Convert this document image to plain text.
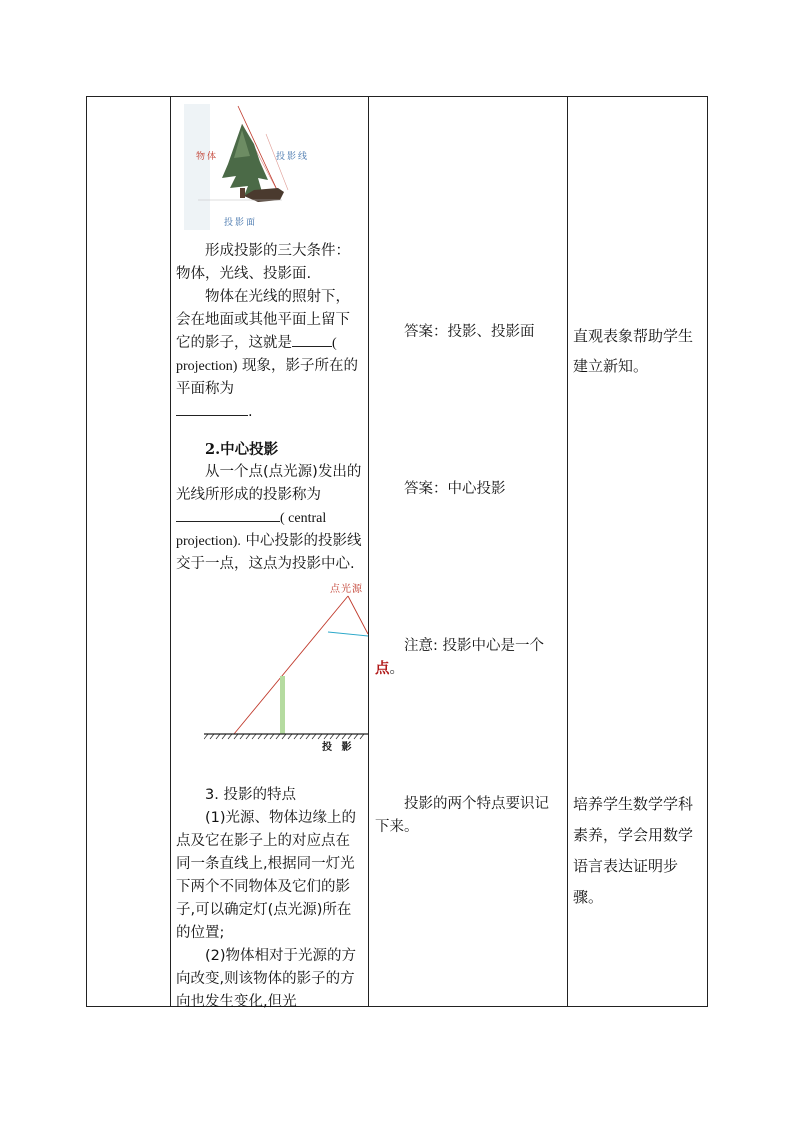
物体	投影线
投影面

形成投影的三大条件：物体，光线、投影面.

物体在光线的照射下，会在地面或其他平面上留下它的影子，这就是	( projection) 现象，影子所在的平面称为
.

2.中心投影

从一个点(点光源)发出的光线所形成的投影称为( central projection). 中心投影的投影线交于一点，这点为投影中心.

点光源
投 影

3. 投影的特点

(1)光源、物体边缘上的点及它在影子上的对应点在同一条直线上,根据同一灯光下两个不同物体及它们的影子,可以确定灯(点光源)所在的位置;

(2)物体相对于光源的方向改变,则该物体的影子的方向也发生变化,但光

答案：投影、投影面
答案：中心投影
注意: 投影中心是一个点。
投影的两个特点要识记下来。
直观表象帮助学生建立新知。
培养学生数学学科素养，学会用数学语言表达证明步骤。
